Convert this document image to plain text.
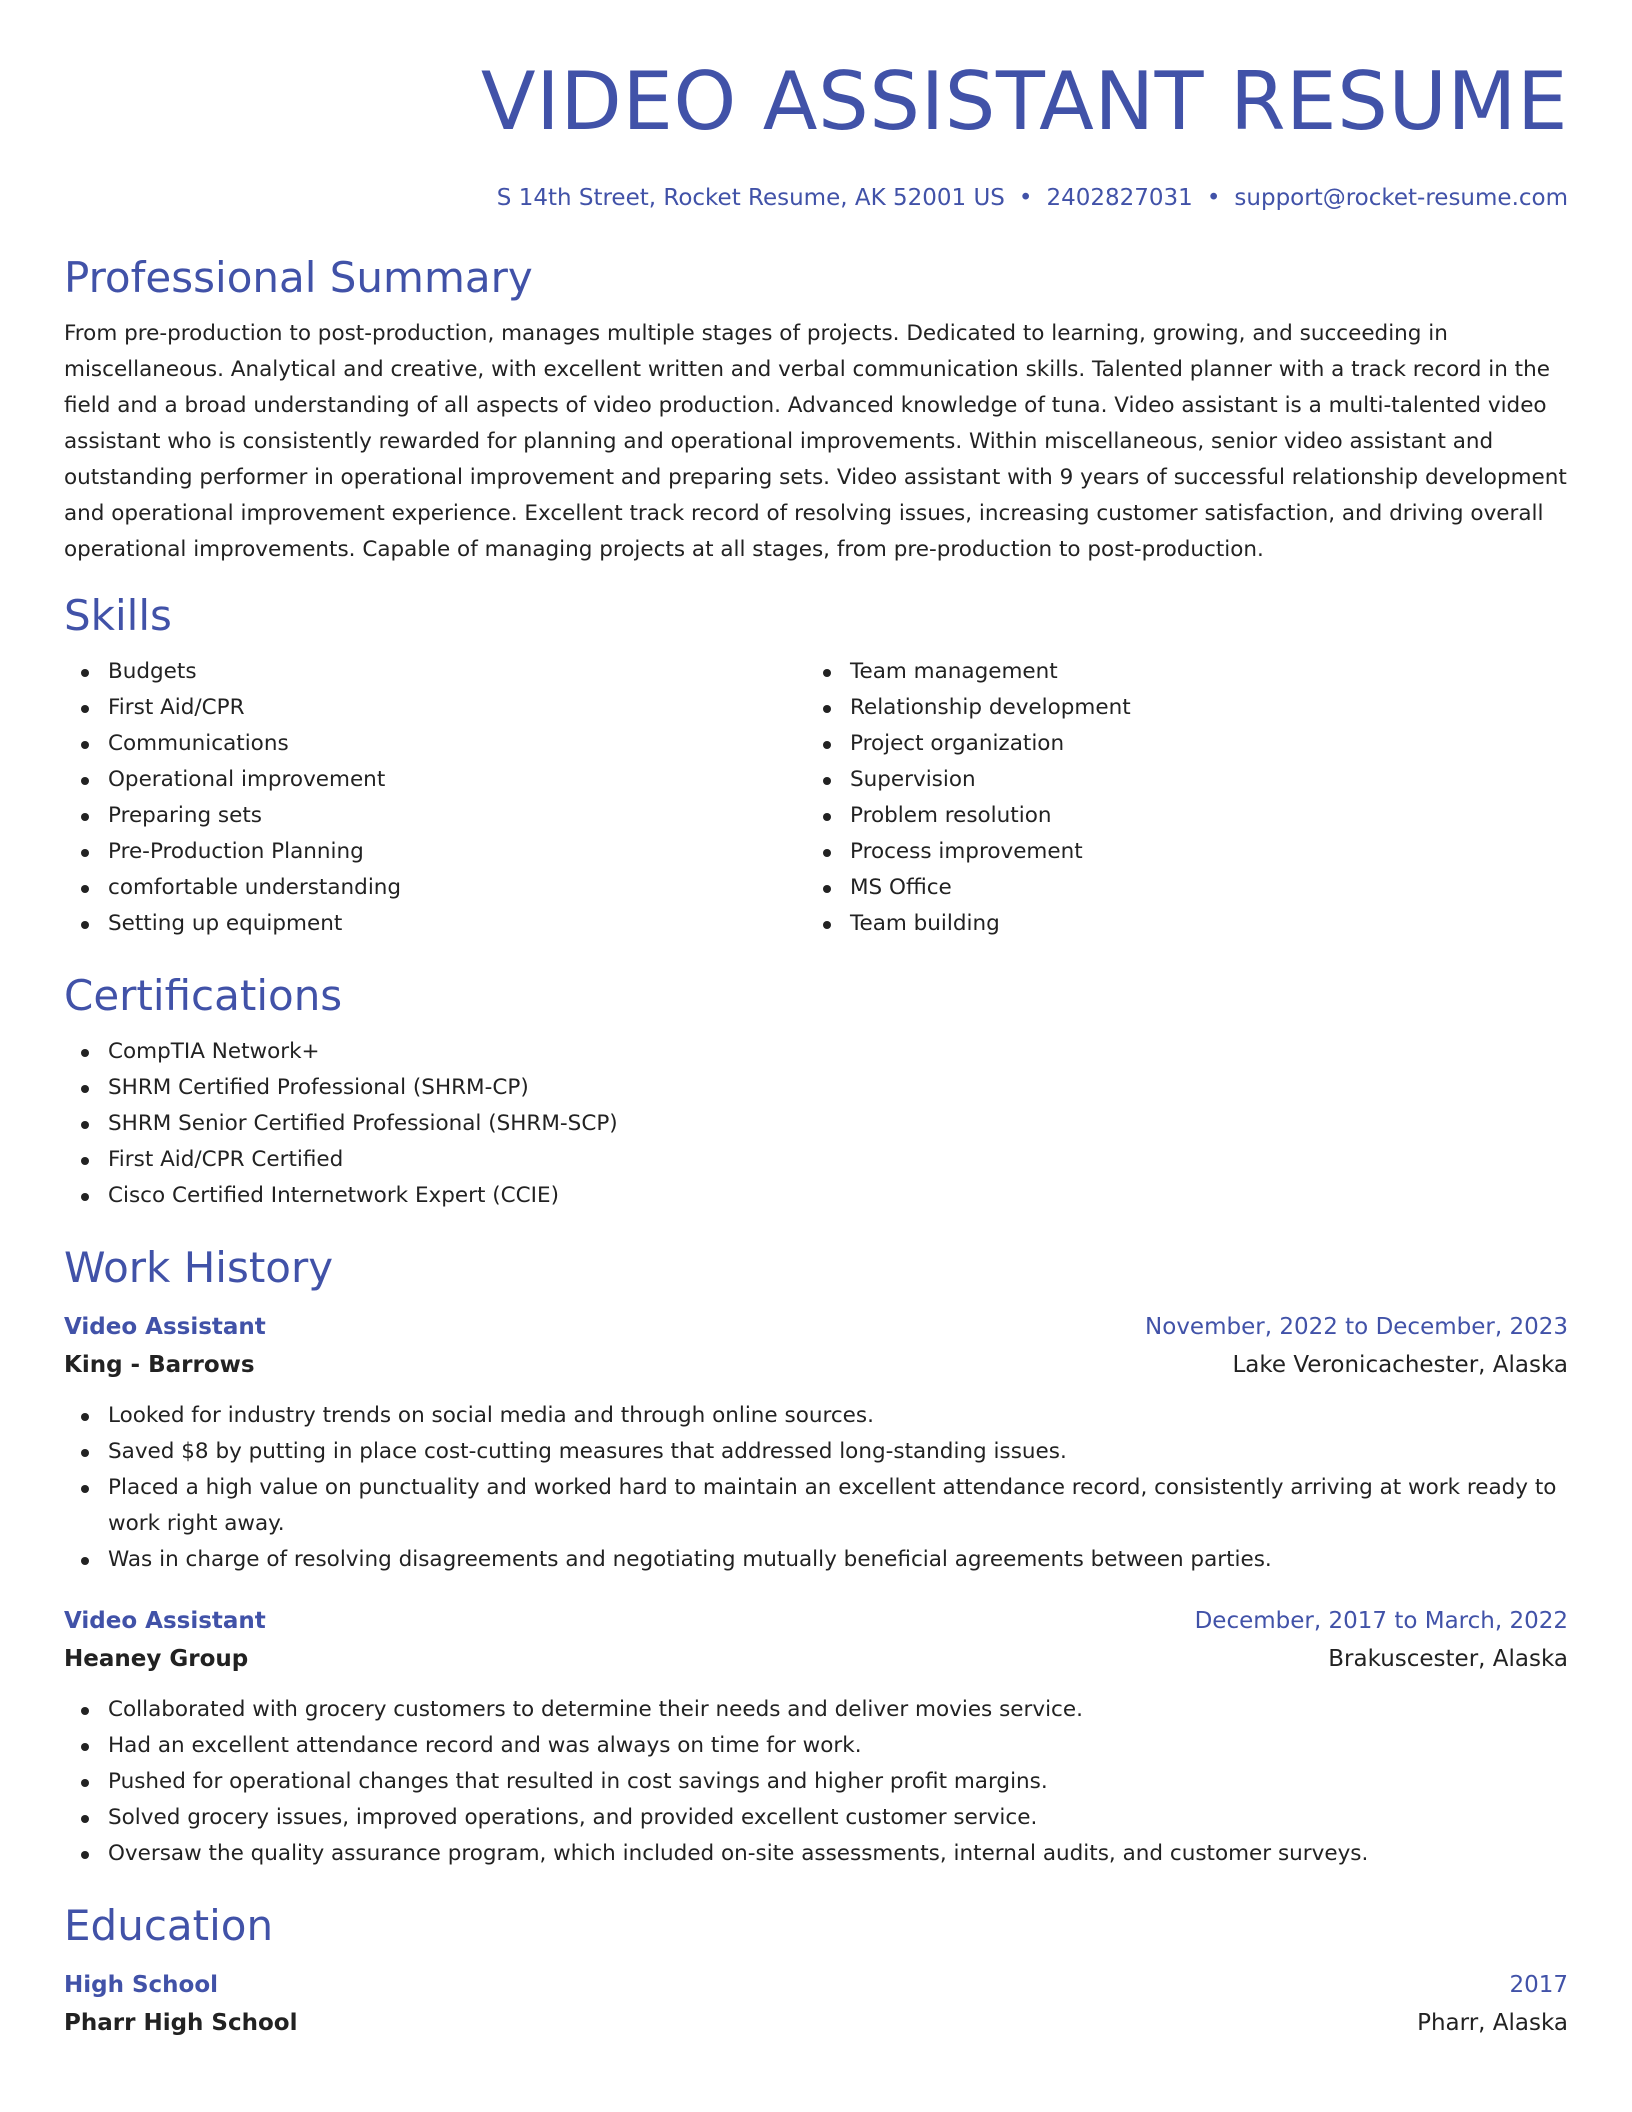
VIDEO ASSISTANT RESUME
S 14th Street, Rocket Resume, AK 52001 US • 2402827031 • support@rocket-resume.com
Professional Summary

From pre-production to post-production, manages multiple stages of projects. Dedicated to learning, growing, and succeeding in miscellaneous. Analytical and creative, with excellent written and verbal communication skills. Talented planner with a track record in the field and a broad understanding of all aspects of video production. Advanced knowledge of tuna. Video assistant is a multi-talented video assistant who is consistently rewarded for planning and operational improvements. Within miscellaneous, senior video assistant and outstanding performer in operational improvement and preparing sets. Video assistant with 9 years of successful relationship development and operational improvement experience. Excellent track record of resolving issues, increasing customer satisfaction, and driving overall operational improvements. Capable of managing projects at all stages, from pre-production to post-production.

Skills
Budgets
First Aid/CPR
Communications
Operational improvement
Preparing sets
Pre-Production Planning
comfortable understanding
Setting up equipment
Team management
Relationship development
Project organization
Supervision
Problem resolution
Process improvement
MS Office
Team building
Certifications
CompTIA Network+
SHRM Certified Professional (SHRM-CP)
SHRM Senior Certified Professional (SHRM-SCP)
First Aid/CPR Certified
Cisco Certified Internetwork Expert (CCIE)
Work History
Video Assistant	November, 2022 to December, 2023
King - Barrows	Lake Veronicachester, Alaska
Looked for industry trends on social media and through online sources.
Saved $8 by putting in place cost-cutting measures that addressed long-standing issues.
Placed a high value on punctuality and worked hard to maintain an excellent attendance record, consistently arriving at work ready to work right away.
Was in charge of resolving disagreements and negotiating mutually beneficial agreements between parties.
Video Assistant	December, 2017 to March, 2022
Heaney Group	Brakuscester, Alaska
Collaborated with grocery customers to determine their needs and deliver movies service.
Had an excellent attendance record and was always on time for work.
Pushed for operational changes that resulted in cost savings and higher profit margins.
Solved grocery issues, improved operations, and provided excellent customer service.
Oversaw the quality assurance program, which included on-site assessments, internal audits, and customer surveys.
Education
High School	2017
Pharr High School	Pharr, Alaska
